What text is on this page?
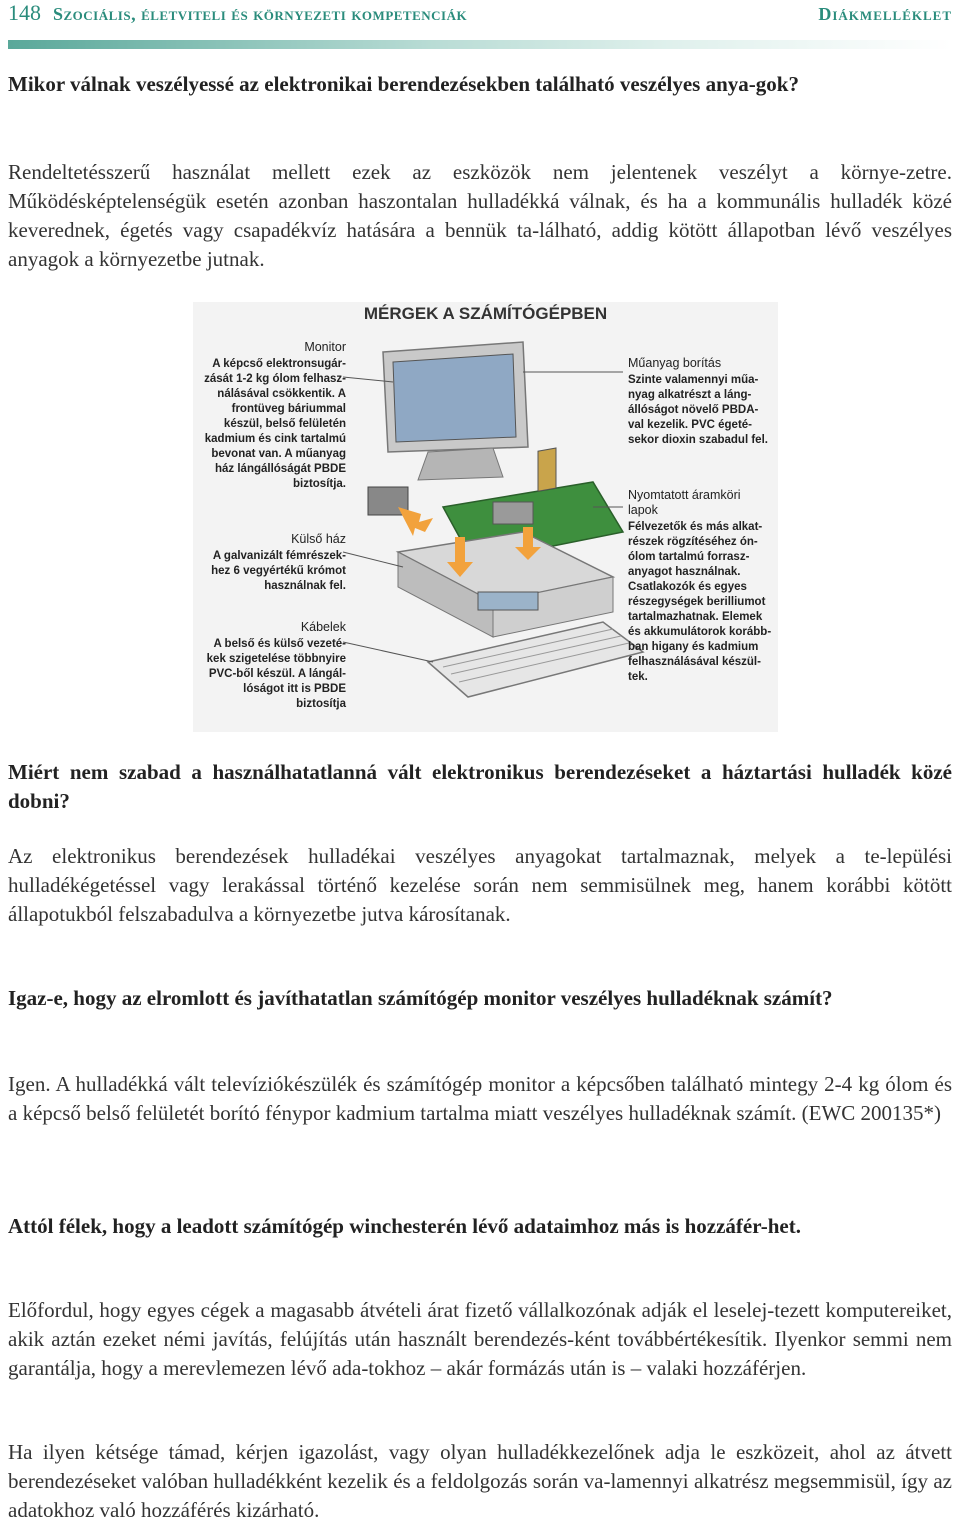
148 Szociális, életviteli és környezeti kompetenciák	Diákmelléklet

Mikor válnak veszélyessé az elektronikai berendezésekben található veszélyes anya-gok?

Rendeltetésszerű használat mellett ezek az eszközök nem jelentenek veszélyt a környe-zetre. Működésképtelenségük esetén azonban haszontalan hulladékká válnak, és ha a kommunális hulladék közé keverednek, égetés vagy csapadékvíz hatására a bennük ta-lálható, addig kötött állapotban lévő veszélyes anyagok a környezetbe jutnak.

MÉRGEK A SZÁMÍTÓGÉPBEN
Monitor
A képcső elektronsugár-zását 1-2 kg ólom felhasz-nálásával csökkentik. A frontüveg báriummal készül, belső felületén kadmium és cink tartalmú bevonat van. A műanyag ház lángállóságát PBDE biztosítja.
Külső ház
A galvanizált fémrészek-hez 6 vegyértékű krómot használnak fel.
Kábelek
A belső és külső vezeté-kek szigetelése többnyire PVC-ből készül. A lángál-lóságot itt is PBDE biztosítja
Műanyag borítás
Szinte valamennyi műa-nyag alkatrészt a láng-állóságot növelő PBDA-val kezelik. PVC égeté-sekor dioxin szabadul fel.
Nyomtatott áramköri lapok
Félvezetők és más alkat-részek rögzítéséhez ón-ólom tartalmú forrasz-anyagot használnak. Csatlakozók és egyes részegységek berilliumot tartalmazhatnak. Elemek és akkumulátorok korább-ban higany és kadmium felhasználásával készül-tek.

Miért nem szabad a használhatatlanná vált elektronikus berendezéseket a háztartási hulladék közé dobni?

Az elektronikus berendezések hulladékai veszélyes anyagokat tartalmaznak, melyek a te-lepülési hulladékégetéssel vagy lerakással történő kezelése során nem semmisülnek meg, hanem korábbi kötött állapotukból felszabadulva a környezetbe jutva károsítanak.

Igaz-e, hogy az elromlott és javíthatatlan számítógép monitor veszélyes hulladéknak számít?

Igen. A hulladékká vált televíziókészülék és számítógép monitor a képcsőben található mintegy 2-4 kg ólom és a képcső belső felületét borító fénypor kadmium tartalma miatt veszélyes hulladéknak számít. (EWC 200135*)

Attól félek, hogy a leadott számítógép winchesterén lévő adataimhoz más is hozzáfér-het.

Előfordul, hogy egyes cégek a magasabb átvételi árat fizető vállalkozónak adják el leselej-tezett komputereiket, akik aztán ezeket némi javítás, felújítás után használt berendezés-ként továbbértékesítik. Ilyenkor semmi nem garantálja, hogy a merevlemezen lévő ada-tokhoz – akár formázás után is – valaki hozzáférjen.

Ha ilyen kétsége támad, kérjen igazolást, vagy olyan hulladékkezelőnek adja le eszközeit, ahol az átvett berendezéseket valóban hulladékként kezelik és a feldolgozás során va-lamennyi alkatrész megsemmisül, így az adatokhoz való hozzáférés kizárható.
